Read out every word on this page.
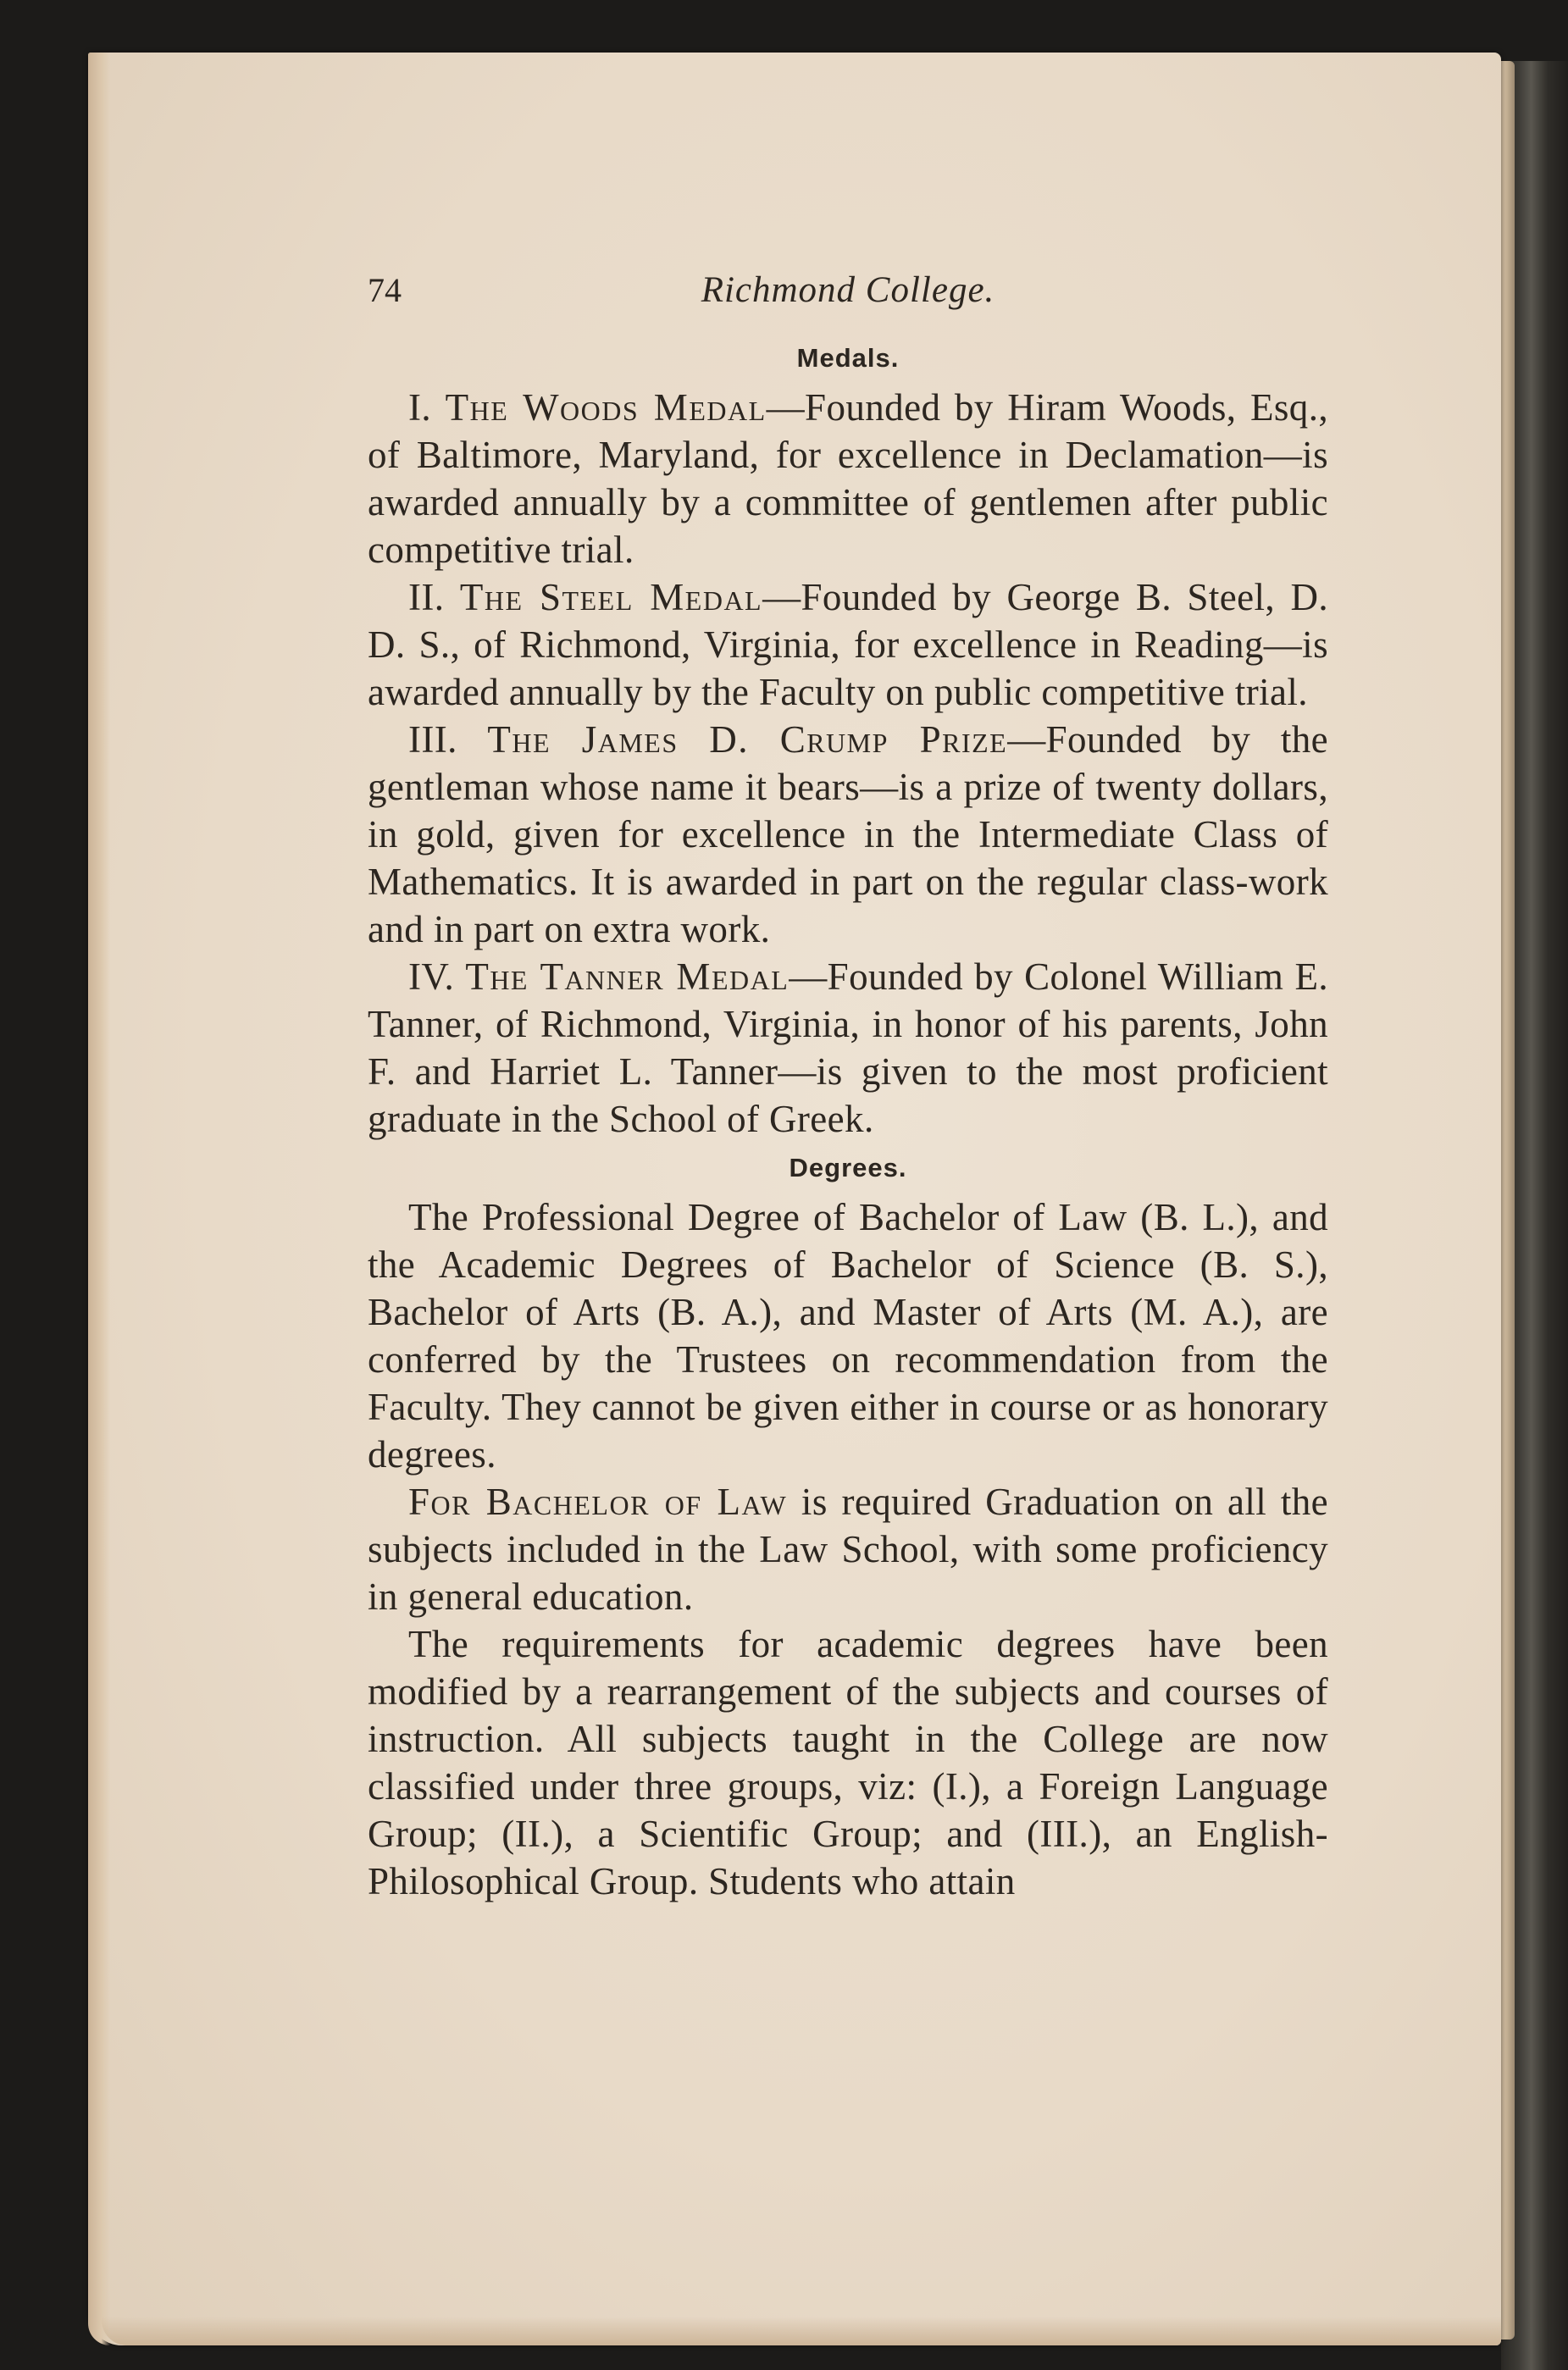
74	Richmond College.
Medals.

I. The Woods Medal—Founded by Hiram Woods, Esq., of Baltimore, Maryland, for excellence in Declamation—is awarded annually by a committee of gentlemen after public competitive trial.

II. The Steel Medal—Founded by George B. Steel, D. D. S., of Richmond, Virginia, for excellence in Reading—is awarded annually by the Faculty on public competitive trial.

III. The James D. Crump Prize—Founded by the gentleman whose name it bears—is a prize of twenty dollars, in gold, given for excellence in the Intermediate Class of Mathematics. It is awarded in part on the regular class-work and in part on extra work.

IV. The Tanner Medal—Founded by Colonel William E. Tanner, of Richmond, Virginia, in honor of his parents, John F. and Harriet L. Tanner—is given to the most proficient graduate in the School of Greek.

Degrees.

The Professional Degree of Bachelor of Law (B. L.), and the Academic Degrees of Bachelor of Science (B. S.), Bachelor of Arts (B. A.), and Master of Arts (M. A.), are conferred by the Trustees on recommendation from the Faculty. They cannot be given either in course or as honorary degrees.

For Bachelor of Law is required Graduation on all the subjects included in the Law School, with some proficiency in general education.

The requirements for academic degrees have been modified by a rearrangement of the subjects and courses of instruction. All subjects taught in the College are now classified under three groups, viz: (I.), a Foreign Language Group; (II.), a Scientific Group; and (III.), an English-Philosophical Group. Students who attain
